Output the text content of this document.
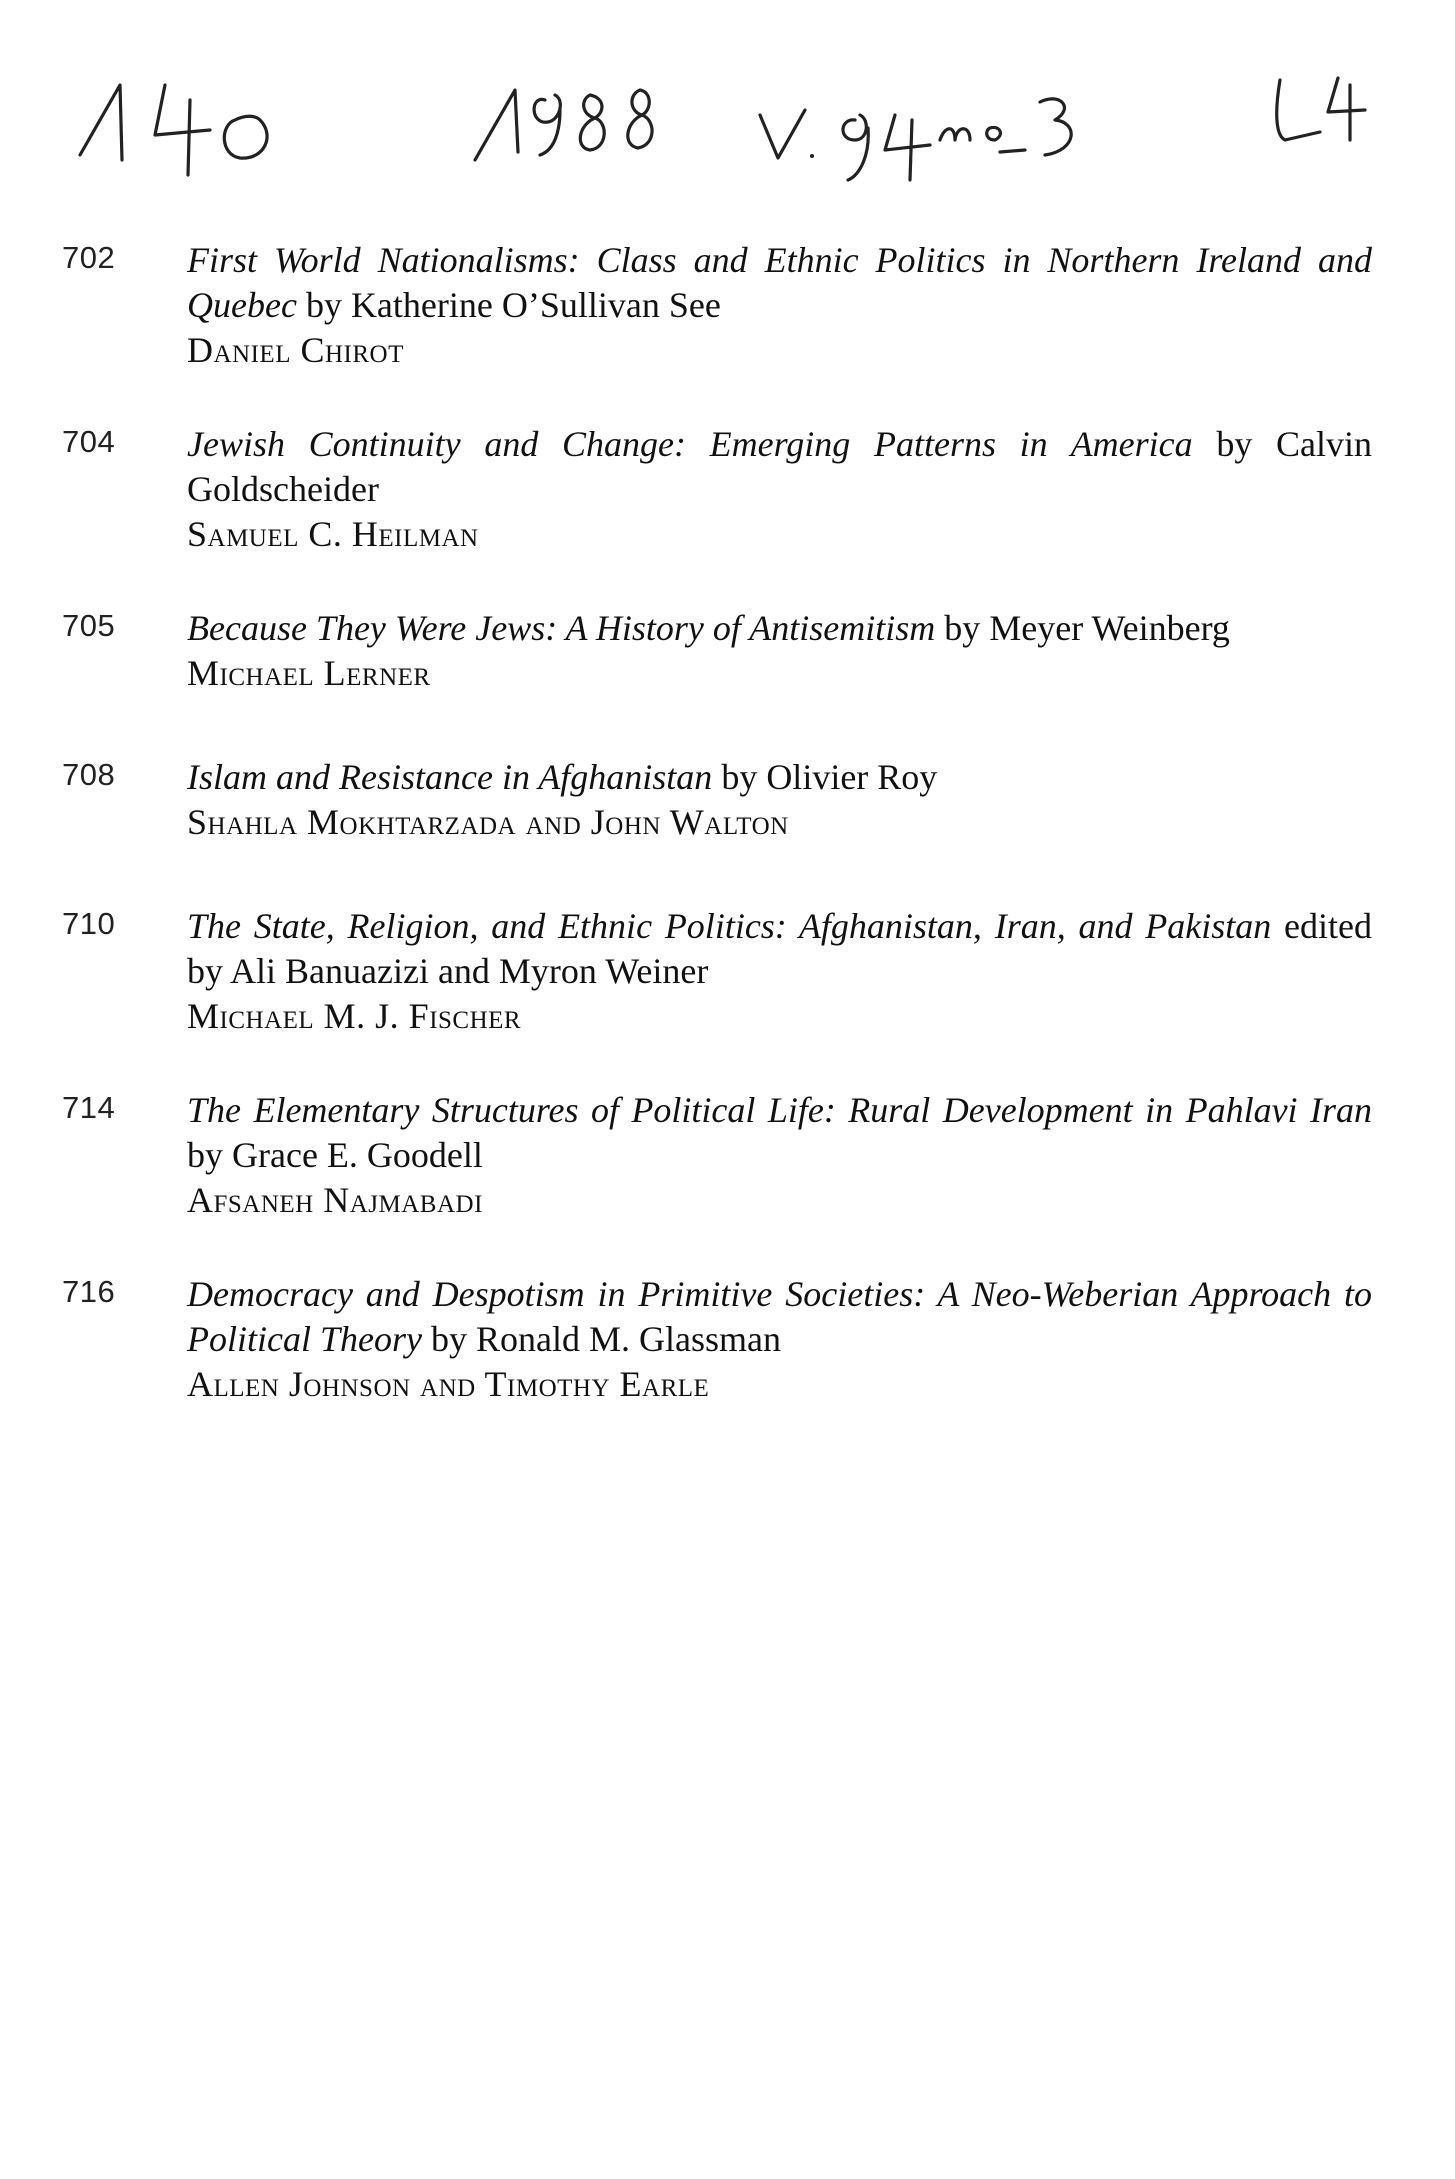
702 First World Nationalisms: Class and Ethnic Politics in Northern Ireland and Quebec by Katherine O’Sullivan See
Daniel Chirot
704 Jewish Continuity and Change: Emerging Patterns in America by Calvin Goldscheider
Samuel C. Heilman
705 Because They Were Jews: A History of Antisemitism by Meyer Weinberg
Michael Lerner
708 Islam and Resistance in Afghanistan by Olivier Roy
Shahla Mokhtarzada and John Walton
710 The State, Religion, and Ethnic Politics: Afghanistan, Iran, and Pakistan edited by Ali Banuazizi and Myron Weiner
Michael M. J. Fischer
714 The Elementary Structures of Political Life: Rural Development in Pahlavi Iran by Grace E. Goodell
Afsaneh Najmabadi
716 Democracy and Despotism in Primitive Societies: A Neo-Weberian Approach to Political Theory by Ronald M. Glassman
Allen Johnson and Timothy Earle
